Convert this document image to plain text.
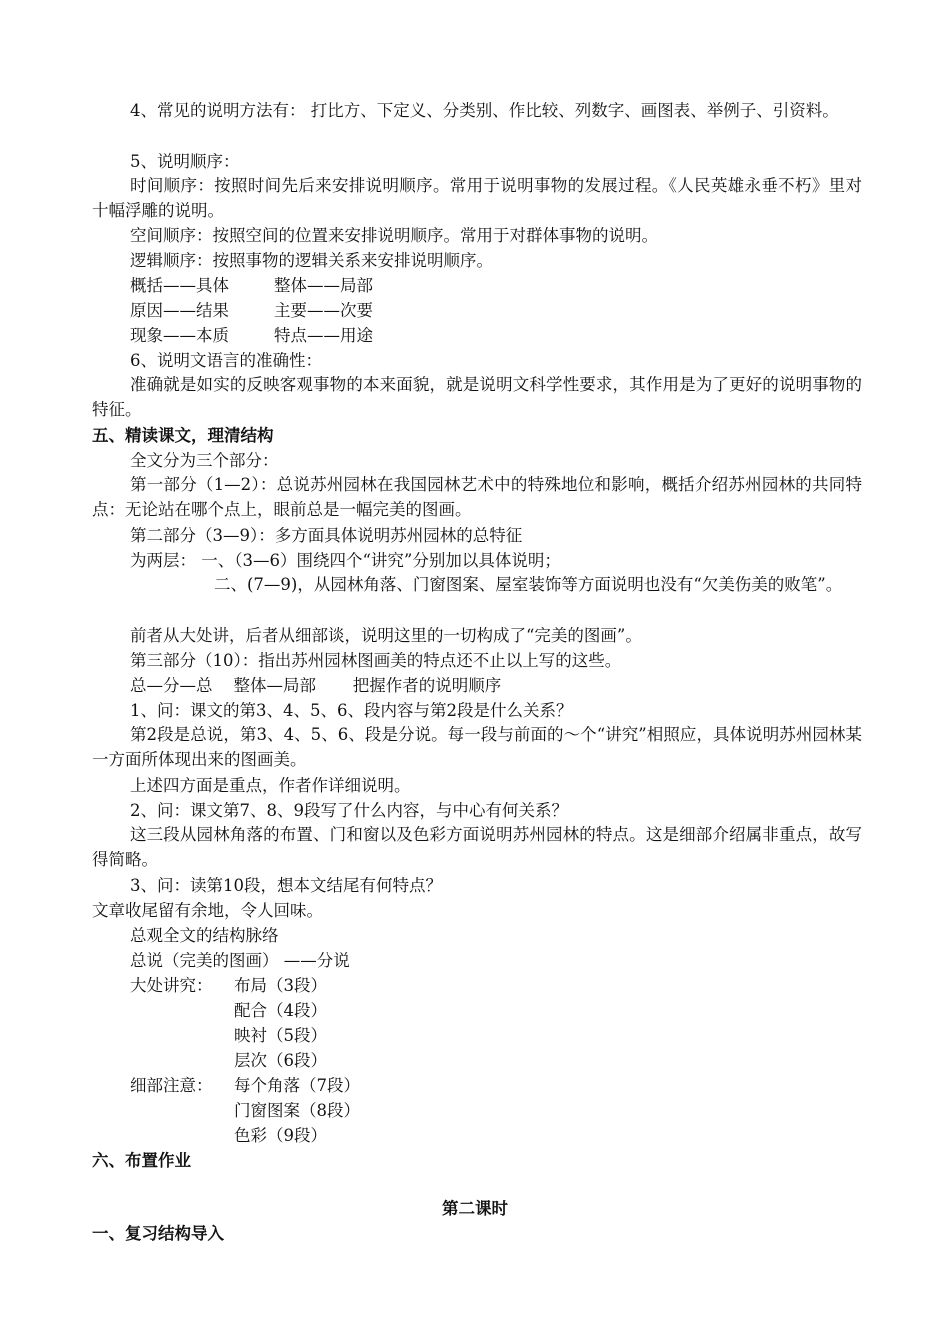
4、常见的说明方法有： 打比方、下定义、分类别、作比较、列数字、画图表、举例子、引资料。
5、说明顺序：
时间顺序：按照时间先后来安排说明顺序。常用于说明事物的发展过程。《人民英雄永垂不朽》里对十幅浮雕的说明。
空间顺序：按照空间的位置来安排说明顺序。常用于对群体事物的说明。
逻辑顺序：按照事物的逻辑关系来安排说明顺序。
概括——具体	整体——局部
原因——结果	主要——次要
现象——本质	特点——用途
6、说明文语言的准确性：
准确就是如实的反映客观事物的本来面貌，就是说明文科学性要求，其作用是为了更好的说明事物的特征。
五、精读课文，理清结构
全文分为三个部分：
第一部分（1—2）：总说苏州园林在我国园林艺术中的特殊地位和影响，概括介绍苏州园林的共同特点：无论站在哪个点上，眼前总是一幅完美的图画。
第二部分（3—9）：多方面具体说明苏州园林的总特征
为两层： 一、（3—6）围绕四个“讲究”分别加以具体说明；
二、(7—9)，从园林角落、门窗图案、屋室装饰等方面说明也没有“欠美伤美的败笔”。
前者从大处讲，后者从细部谈，说明这里的一切构成了“完美的图画”。
第三部分（10）：指出苏州园林图画美的特点还不止以上写的这些。
总—分—总    整体—局部       把握作者的说明顺序
1、问：课文的第3、4、5、6、段内容与第2段是什么关系？
第2段是总说，第3、4、5、6、段是分说。每一段与前面的～个“讲究”相照应，具体说明苏州园林某一方面所体现出来的图画美。
上述四方面是重点，作者作详细说明。
2、问：课文第7、8、9段写了什么内容，与中心有何关系？
这三段从园林角落的布置、门和窗以及色彩方面说明苏州园林的特点。这是细部介绍属非重点，故写得简略。
3、问：读第10段，想本文结尾有何特点？
文章收尾留有余地，令人回味。
总观全文的结构脉络
总说（完美的图画） ——分说
大处讲究： 布局（3段）
配合（4段）
映衬（5段）
层次（6段）
细部注意： 每个角落（7段）
门窗图案（8段）
色彩（9段）
六、布置作业
第二课时
一、复习结构导入
